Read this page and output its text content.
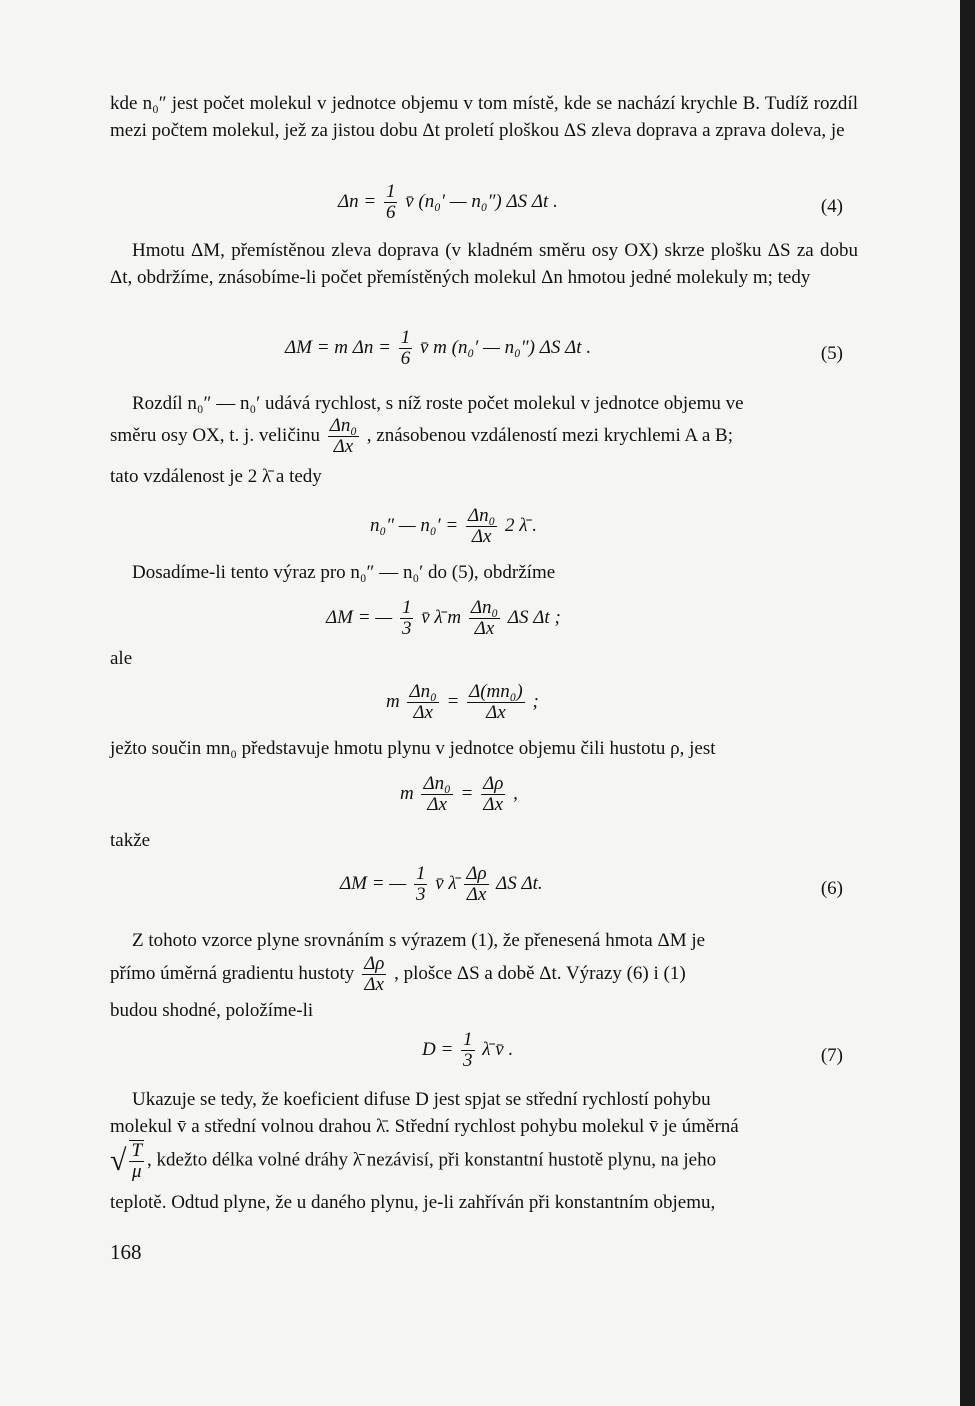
kde n₀″ jest počet molekul v jednotce objemu v tom místě, kde se nachází krychle B. Tudíž rozdíl mezi počtem molekul, jež za jistou dobu Δt proletí ploškou ΔS zleva doprava a zprava doleva, je
$\Delta n = \frac{1}{6}$ v̄ (n₀′ — n₀″) ΔS Δt .	(4)
Hmotu ΔM, přemístěnou zleva doprava (v kladném směru osy OX) skrze plošku ΔS za dobu Δt, obdržíme, znásobíme-li počet přemístěných molekul Δn hmotou jedné molekuly m; tedy
ΔM = m $\Delta n = \frac{1}{6}$ v̄ m (n₀′ — n₀″) ΔS Δt .	(5)
Rozdíl n₀″ — n₀′ udává rychlost, s níž roste počet molekul v jednotce objemu ve
směru osy OX, t. j. veličinu $\frac{\text{Δn₀}}{\Delta x}$ , znásobenou vzdáleností mezi krychlemi A a B;
tato vzdálenost je 2 λ̄ a tedy
n₀″ — $n_0' = \frac{\text{Δn₀}}{\Delta x} 2$ λ̄ .
Dosadíme-li tento výraz pro n₀″ — n₀′ do (5), obdržíme
ΔM = — $\frac{1}{3}$ v̄ λ̄ m $\frac{\text{Δn₀}}{\Delta x}$ ΔS Δt ;
ale
m $\frac{\text{Δn₀}}{\Delta x} = \frac{\text{Δ(mn₀)}}{\Delta x}$ ;
ježto součin mn₀ představuje hmotu plynu v jednotce objemu čili hustotu ρ, jest
m $\frac{\text{Δn₀}}{\Delta x} = \frac{\Delta\rho}{\Delta x}$ ,
takže
ΔM = — $\frac{1}{3}$ v̄ λ̄ $\frac{\Delta\rho}{\Delta x}$ ΔS Δt.	(6)
Z tohoto vzorce plyne srovnáním s výrazem (1), že přenesená hmota ΔM je
přímo úměrná gradientu hustoty $\frac{\Delta\rho}{\Delta x}$ , plošce ΔS a době Δt. Výrazy (6) i (1)
budou shodné, položíme-li
$D = \frac{1}{3}$ λ̄ v̄ .	(7)
Ukazuje se tedy, že koeficient difuse D jest spjat se střední rychlostí pohybu
molekul v̄ a střední volnou drahou λ̄. Střední rychlost pohybu molekul v̄ je úměrná
√ $\frac{T}{\mu}$ , kdežto délka volné dráhy λ̄ nezávisí, při konstantní hustotě plynu, na jeho
teplotě. Odtud plyne, že u daného plynu, je-li zahříván při konstantním objemu,
168
